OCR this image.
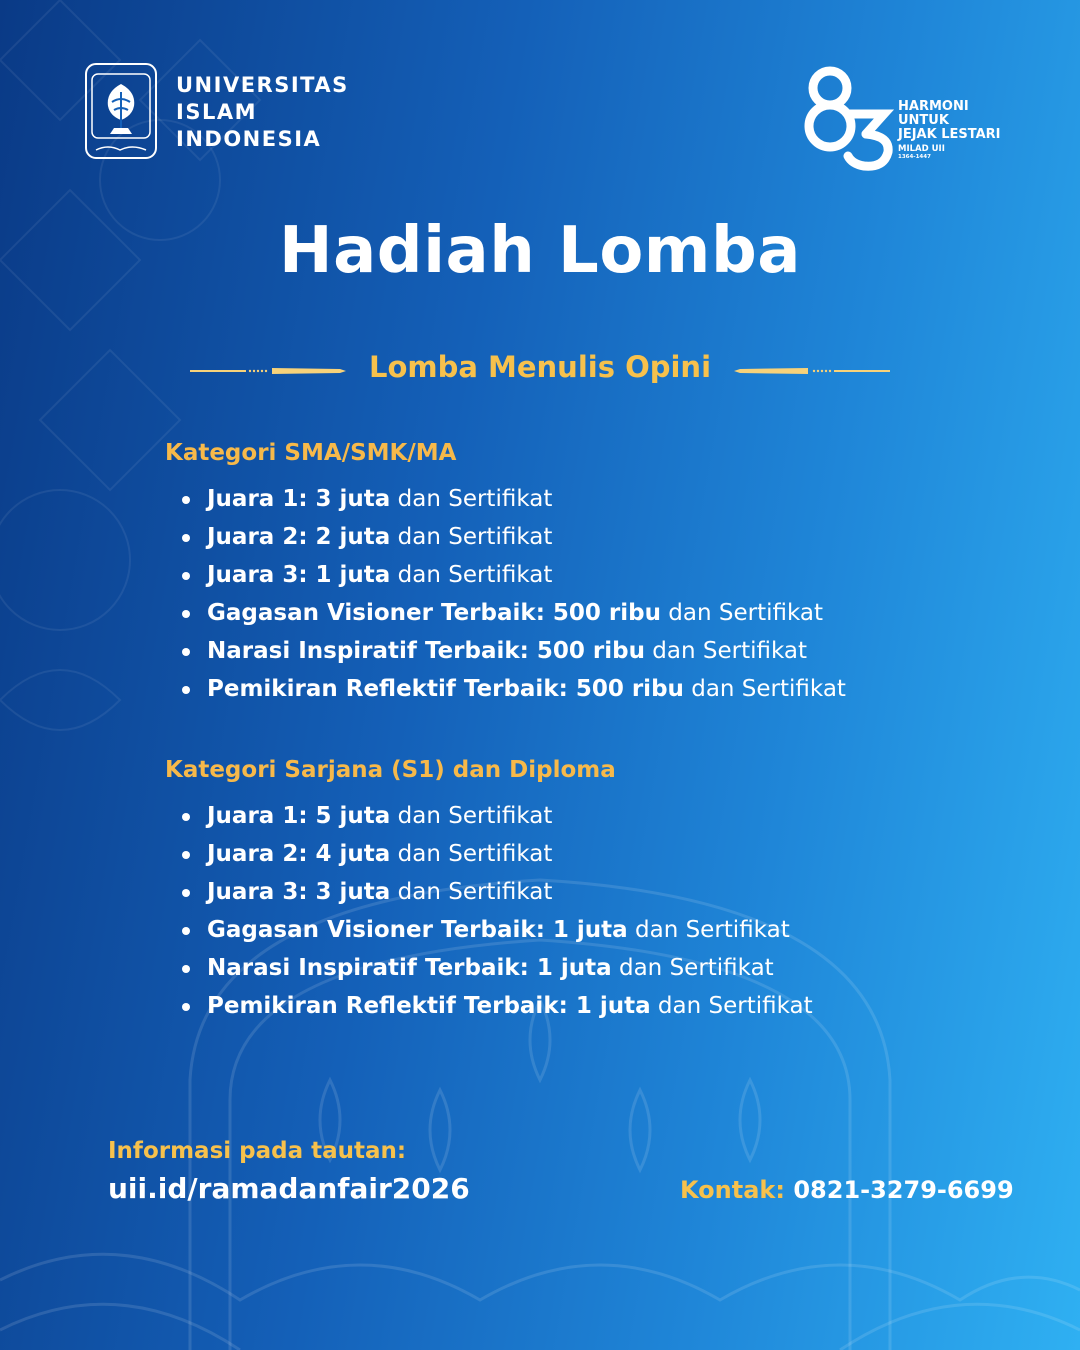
UNIVERSITAS
ISLAM
INDONESIA
HARMONI
UNTUK
JEJAK LESTARI
MILAD UII
1364-1447
Hadiah Lomba
Lomba Menulis Opini
Kategori SMA/SMK/MA
Juara 1: 3 juta dan Sertifikat
Juara 2: 2 juta dan Sertifikat
Juara 3: 1 juta dan Sertifikat
Gagasan Visioner Terbaik: 500 ribu dan Sertifikat
Narasi Inspiratif Terbaik: 500 ribu dan Sertifikat
Pemikiran Reflektif Terbaik: 500 ribu dan Sertifikat
Kategori Sarjana (S1) dan Diploma
Juara 1: 5 juta dan Sertifikat
Juara 2: 4 juta dan Sertifikat
Juara 3: 3 juta dan Sertifikat
Gagasan Visioner Terbaik: 1 juta dan Sertifikat
Narasi Inspiratif Terbaik: 1 juta dan Sertifikat
Pemikiran Reflektif Terbaik: 1 juta dan Sertifikat
Informasi pada tautan:
uii.id/ramadanfair2026	Kontak: 0821-3279-6699
